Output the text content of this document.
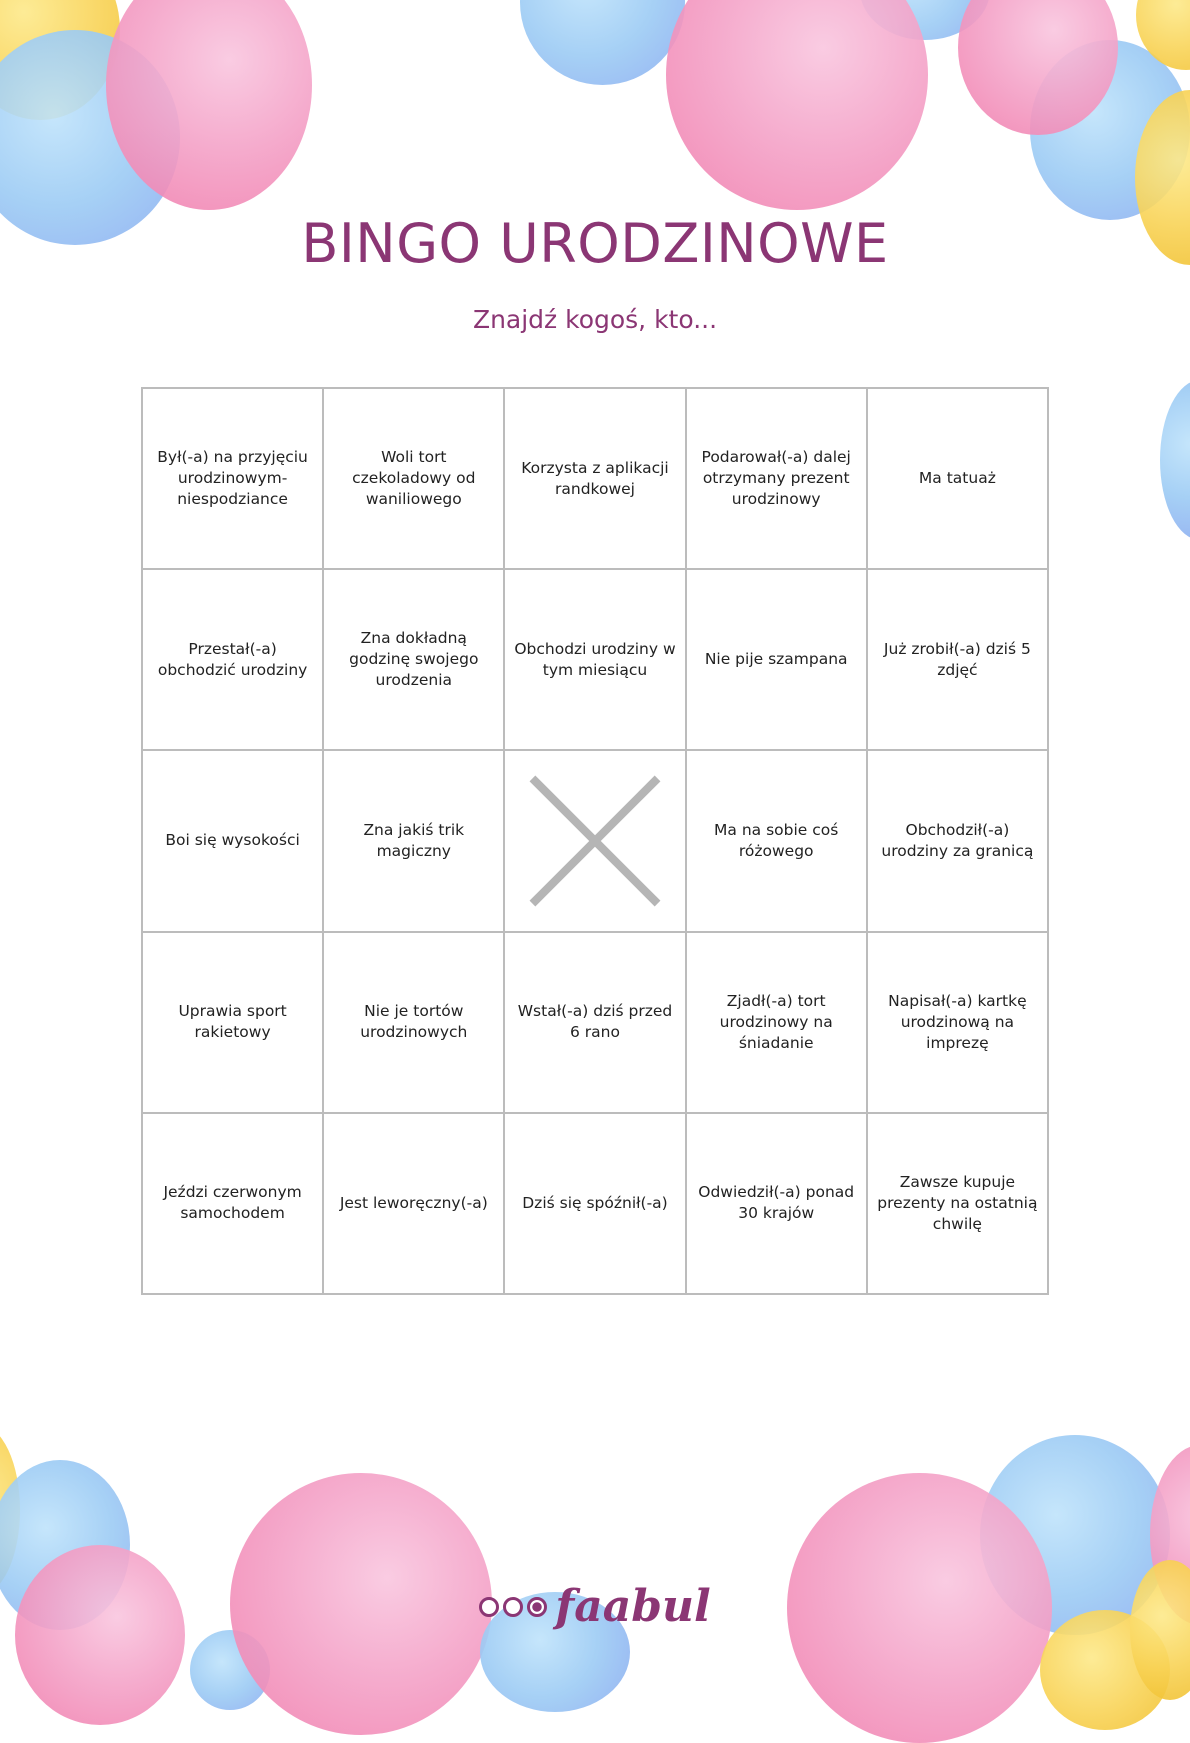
BINGO URODZINOWE
Znajdź kogoś, kto...
Był(-a) na przyjęciu urodzinowym-niespodziance
Woli tort czekoladowy od waniliowego
Korzysta z aplikacji randkowej
Podarował(-a) dalej otrzymany prezent urodzinowy
Ma tatuaż
Przestał(-a) obchodzić urodziny
Zna dokładną godzinę swojego urodzenia
Obchodzi urodziny w tym miesiącu
Nie pije szampana
Już zrobił(-a) dziś 5 zdjęć
Boi się wysokości
Zna jakiś trik magiczny
Ma na sobie coś różowego
Obchodził(-a) urodziny za granicą
Uprawia sport rakietowy
Nie je tortów urodzinowych
Wstał(-a) dziś przed 6 rano
Zjadł(-a) tort urodzinowy na śniadanie
Napisał(-a) kartkę urodzinową na imprezę
Jeździ czerwonym samochodem
Jest leworęczny(-a) Dziś się spóźnił(-a)
Odwiedził(-a) ponad 30 krajów
Zawsze kupuje prezenty na ostatnią chwilę
faabul
